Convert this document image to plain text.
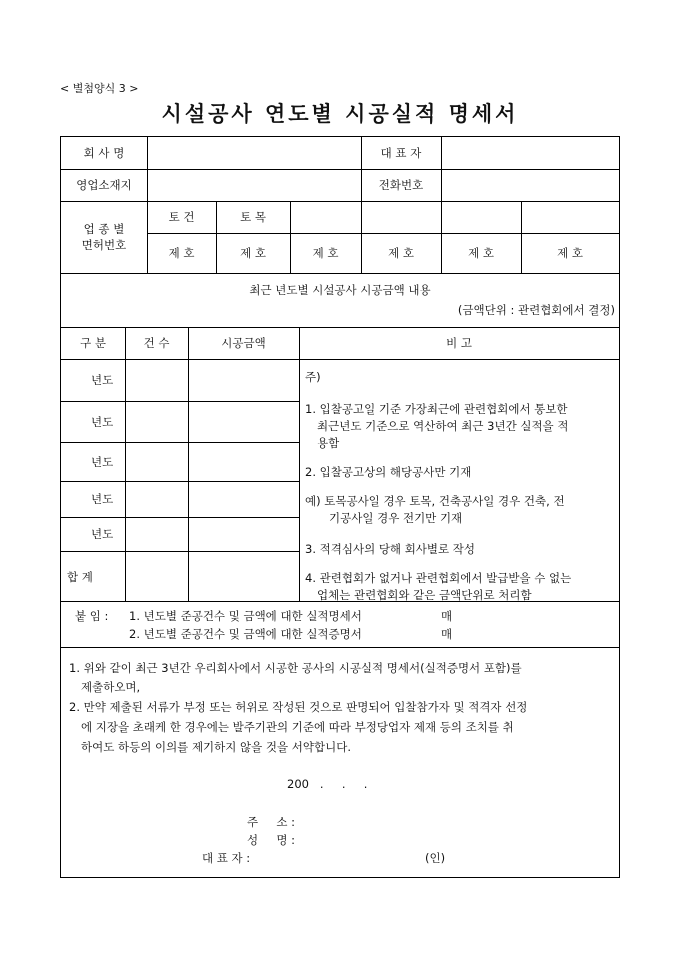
< 별첨양식 3 >
시설공사 연도별 시공실적 명세서
회 사 명	대 표 자
영업소재지	전화번호
업 종 별
면허번호
토 건	토 목
제 호	제 호	제 호	제 호	제 호	제 호
최근 년도별 시설공사 시공금액 내용
(금액단위 : 관련협회에서 결정)
구 분	건 수	시공금액	비 고
년도
년도
년도
년도
년도
합 계
주)
1. 입찰공고일 기준 가장최근에 관련협회에서 통보한
최근년도 기준으로 역산하여 최근 3년간 실적을 적
용함
2. 입찰공고상의 해당공사만 기재
예) 토목공사일 경우 토목, 건축공사일 경우 건축, 전
기공사일 경우 전기만 기재
3. 적격심사의 당해 회사별로 작성
4. 관련협회가 없거나 관련협회에서 발급받을 수 없는
업체는 관련협회와 같은 금액단위로 처리함
붙 임 : 1. 년도별 준공건수 및 금액에 대한 실적명세서	매
2. 년도별 준공건수 및 금액에 대한 실적증명서	매
1. 위와 같이 최근 3년간 우리회사에서 시공한 공사의 시공실적 명세서(실적증명서 포함)를
제출하오며,
2. 만약 제출된 서류가 부정 또는 허위로 작성된 것으로 판명되어 입찰참가자 및 적격자 선정
에 지장을 초래케 한 경우에는 발주기관의 기준에 따라 부정당업자 제재 등의 조치를 취
하여도 하등의 이의를 제기하지 않을 것을 서약합니다.
200   .     .     .
주     소 :
성     명 :
대 표 자 :	(인)
